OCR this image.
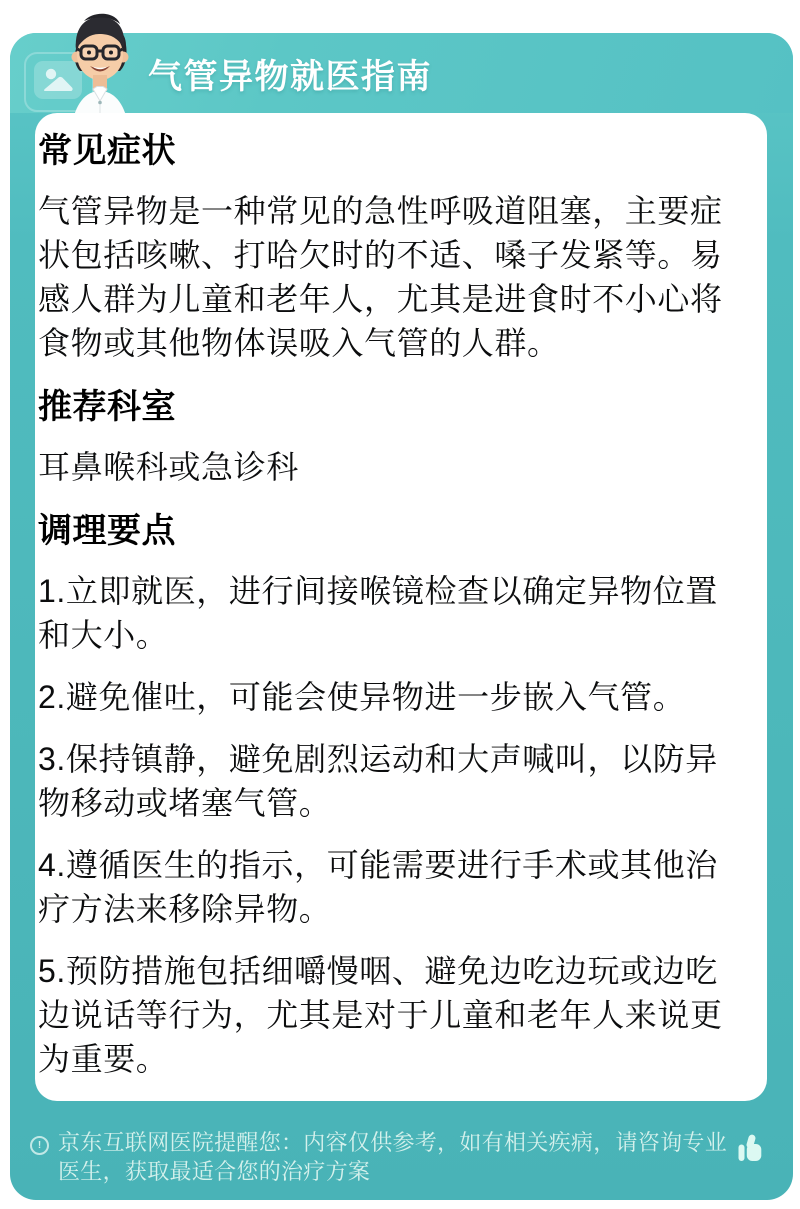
气管异物就医指南
常见症状

气管异物是一种常见的急性呼吸道阻塞，主要症状包括咳嗽、打哈欠时的不适、嗓子发紧等。易感人群为儿童和老年人，尤其是进食时不小心将食物或其他物体误吸入气管的人群。

推荐科室

耳鼻喉科或急诊科

调理要点

1.立即就医，进行间接喉镜检查以确定异物位置和大小。

2.避免催吐，可能会使异物进一步嵌入气管。

3.保持镇静，避免剧烈运动和大声喊叫，以防异物移动或堵塞气管。

4.遵循医生的指示，可能需要进行手术或其他治疗方法来移除异物。

5.预防措施包括细嚼慢咽、避免边吃边玩或边吃边说话等行为，尤其是对于儿童和老年人来说更为重要。

! 京东互联网医院提醒您：内容仅供参考，如有相关疾病，请咨询专业医生，获取最适合您的治疗方案
